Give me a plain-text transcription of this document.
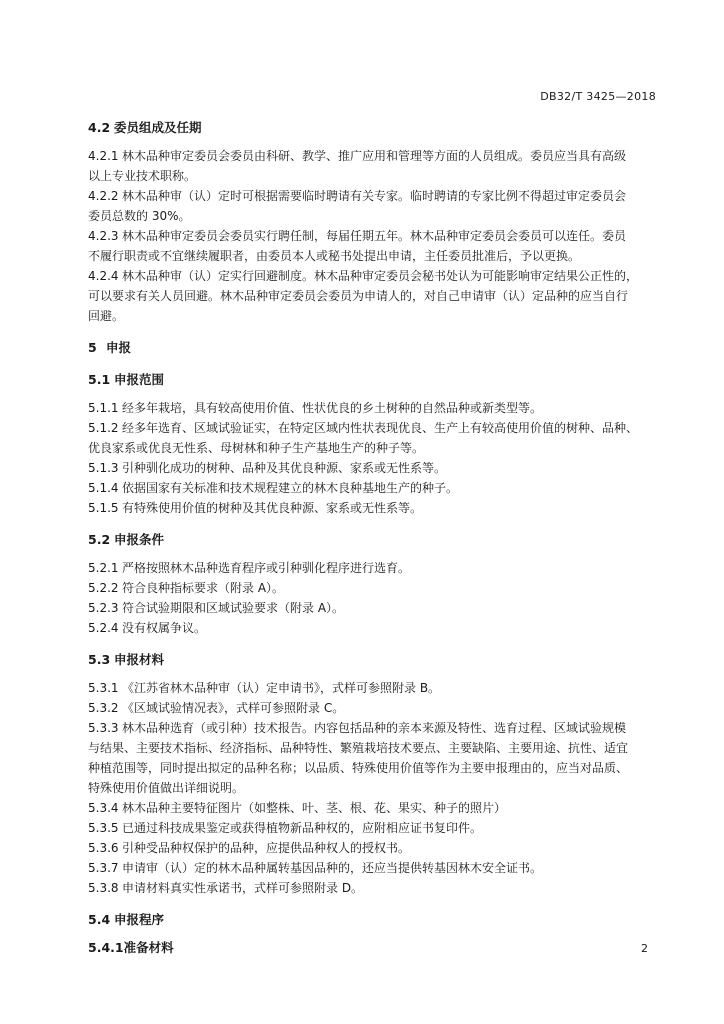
DB32/T 3425—2018
4.2 委员组成及任期
4.2.1 林木品种审定委员会委员由科研、教学、推广应用和管理等方面的人员组成。委员应当具有高级
以上专业技术职称。
4.2.2 林木品种审（认）定时可根据需要临时聘请有关专家。临时聘请的专家比例不得超过审定委员会
委员总数的 30%。
4.2.3 林木品种审定委员会委员实行聘任制，每届任期五年。林木品种审定委员会委员可以连任。委员
不履行职责或不宜继续履职者，由委员本人或秘书处提出申请，主任委员批准后，予以更换。
4.2.4 林木品种审（认）定实行回避制度。林木品种审定委员会秘书处认为可能影响审定结果公正性的，
可以要求有关人员回避。林木品种审定委员会委员为申请人的，对自己申请审（认）定品种的应当自行
回避。
5 申报
5.1 申报范围
5.1.1 经多年栽培，具有较高使用价值、性状优良的乡土树种的自然品种或新类型等。
5.1.2 经多年选育、区域试验证实，在特定区域内性状表现优良、生产上有较高使用价值的树种、品种、
优良家系或优良无性系、母树林和种子生产基地生产的种子等。
5.1.3 引种驯化成功的树种、品种及其优良种源、家系或无性系等。
5.1.4 依据国家有关标准和技术规程建立的林木良种基地生产的种子。
5.1.5 有特殊使用价值的树种及其优良种源、家系或无性系等。
5.2 申报条件
5.2.1 严格按照林木品种选育程序或引种驯化程序进行选育。
5.2.2 符合良种指标要求（附录 A）。
5.2.3 符合试验期限和区域试验要求（附录 A）。
5.2.4 没有权属争议。
5.3 申报材料
5.3.1 《江苏省林木品种审（认）定申请书》，式样可参照附录 B。
5.3.2 《区域试验情况表》，式样可参照附录 C。
5.3.3 林木品种选育（或引种）技术报告。内容包括品种的亲本来源及特性、选育过程、区域试验规模
与结果、主要技术指标、经济指标、品种特性、繁殖栽培技术要点、主要缺陷、主要用途、抗性、适宜
种植范围等，同时提出拟定的品种名称；以品质、特殊使用价值等作为主要申报理由的，应当对品质、
特殊使用价值做出详细说明。
5.3.4 林木品种主要特征图片（如整株、叶、茎、根、花、果实、种子的照片）
5.3.5 已通过科技成果鉴定或获得植物新品种权的，应附相应证书复印件。
5.3.6 引种受品种权保护的品种，应提供品种权人的授权书。
5.3.7 申请审（认）定的林木品种属转基因品种的，还应当提供转基因林木安全证书。
5.3.8 申请材料真实性承诺书，式样可参照附录 D。
5.4 申报程序
5.4.1准备材料	2
